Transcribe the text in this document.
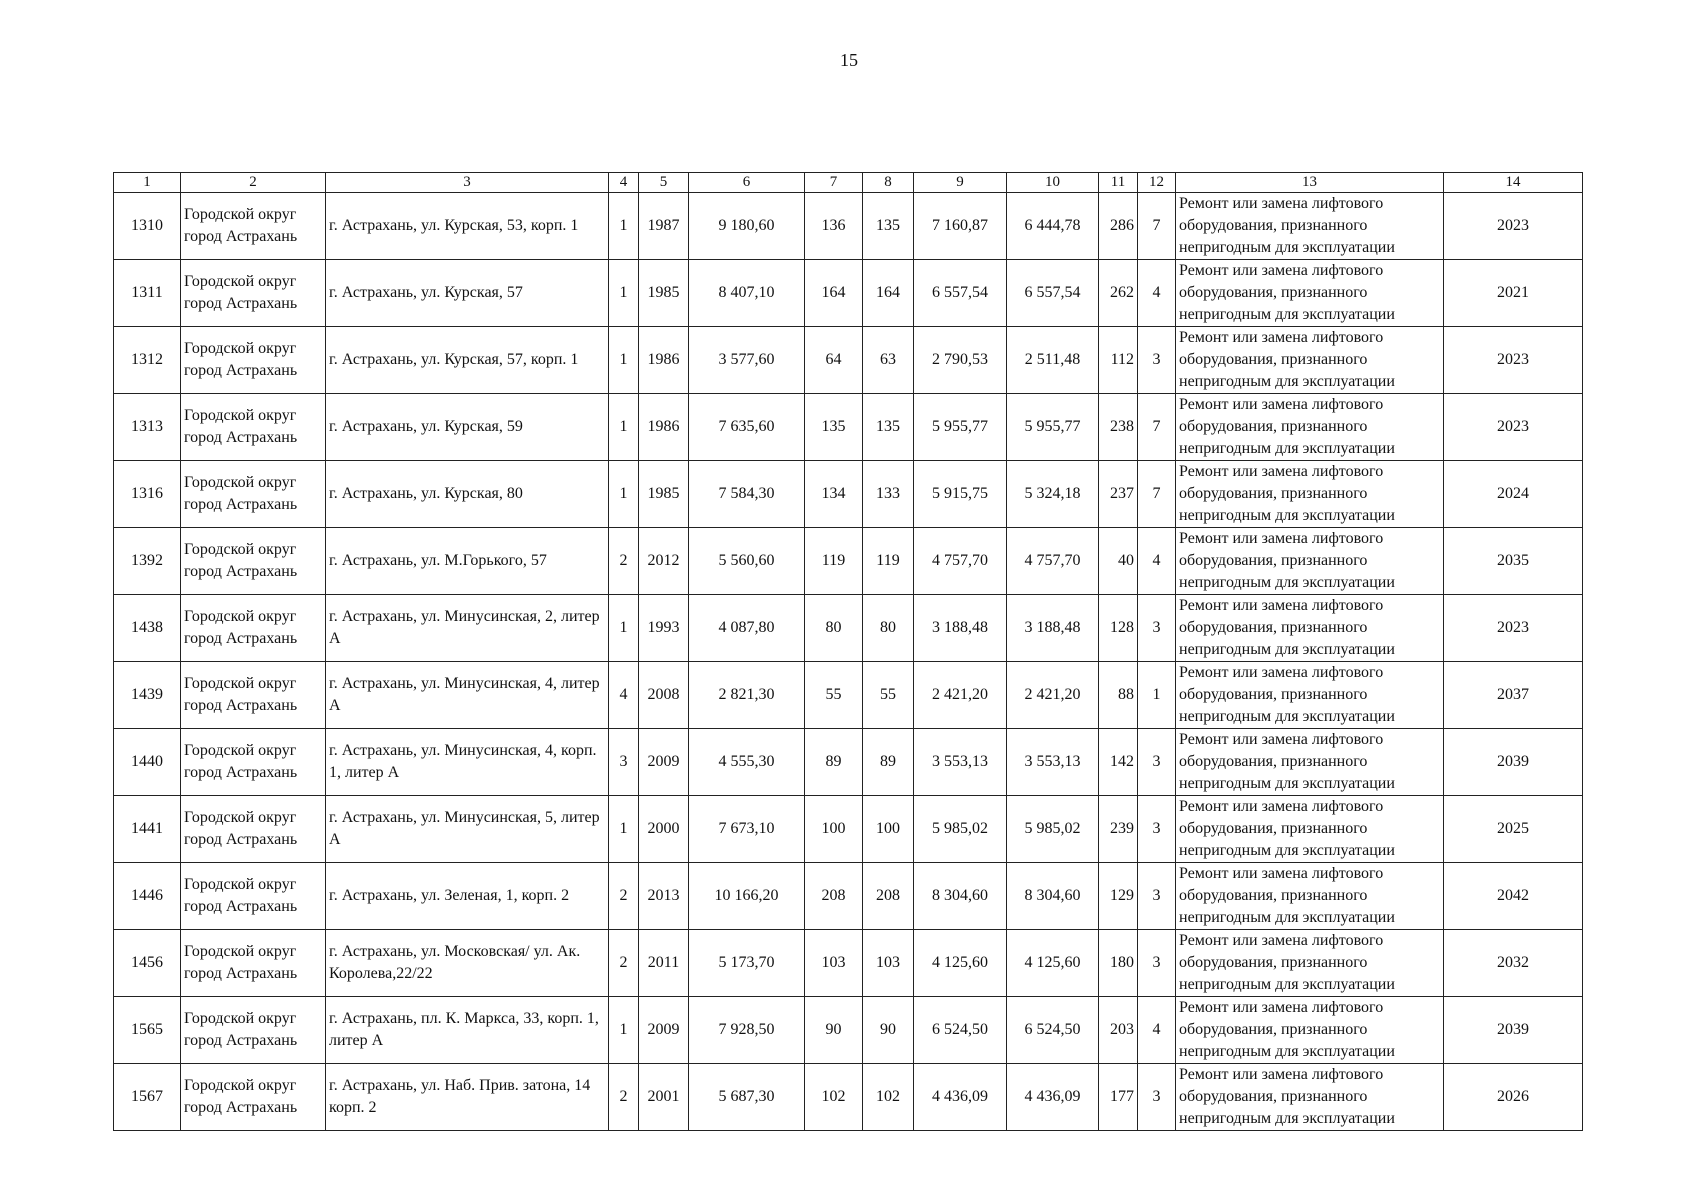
15
1	2	3	4	5	6	7	8	9	10	11	12	13	14
1310	Городской округ город Астрахань	г. Астрахань, ул. Курская, 53, корп. 1	1	1987	9 180,60	136	135	7 160,87	6 444,78	286	7	Ремонт или замена лифтового оборудования, признанного непригодным для эксплуатации	2023
1311	Городской округ город Астрахань	г. Астрахань, ул. Курская, 57	1	1985	8 407,10	164	164	6 557,54	6 557,54	262	4	Ремонт или замена лифтового оборудования, признанного непригодным для эксплуатации	2021
1312	Городской округ город Астрахань	г. Астрахань, ул. Курская, 57, корп. 1	1	1986	3 577,60	64	63	2 790,53	2 511,48	112	3	Ремонт или замена лифтового оборудования, признанного непригодным для эксплуатации	2023
1313	Городской округ город Астрахань	г. Астрахань, ул. Курская, 59	1	1986	7 635,60	135	135	5 955,77	5 955,77	238	7	Ремонт или замена лифтового оборудования, признанного непригодным для эксплуатации	2023
1316	Городской округ город Астрахань	г. Астрахань, ул. Курская, 80	1	1985	7 584,30	134	133	5 915,75	5 324,18	237	7	Ремонт или замена лифтового оборудования, признанного непригодным для эксплуатации	2024
1392	Городской округ город Астрахань	г. Астрахань, ул. М.Горького, 57	2	2012	5 560,60	119	119	4 757,70	4 757,70	40	4	Ремонт или замена лифтового оборудования, признанного непригодным для эксплуатации	2035
1438	Городской округ город Астрахань	г. Астрахань, ул. Минусинская, 2, литер А	1	1993	4 087,80	80	80	3 188,48	3 188,48	128	3	Ремонт или замена лифтового оборудования, признанного непригодным для эксплуатации	2023
1439	Городской округ город Астрахань	г. Астрахань, ул. Минусинская, 4, литер А	4	2008	2 821,30	55	55	2 421,20	2 421,20	88	1	Ремонт или замена лифтового оборудования, признанного непригодным для эксплуатации	2037
1440	Городской округ город Астрахань	г. Астрахань, ул. Минусинская, 4, корп. 1, литер А	3	2009	4 555,30	89	89	3 553,13	3 553,13	142	3	Ремонт или замена лифтового оборудования, признанного непригодным для эксплуатации	2039
1441	Городской округ город Астрахань	г. Астрахань, ул. Минусинская, 5, литер А	1	2000	7 673,10	100	100	5 985,02	5 985,02	239	3	Ремонт или замена лифтового оборудования, признанного непригодным для эксплуатации	2025
1446	Городской округ город Астрахань	г. Астрахань, ул. Зеленая, 1, корп. 2	2	2013	10 166,20	208	208	8 304,60	8 304,60	129	3	Ремонт или замена лифтового оборудования, признанного непригодным для эксплуатации	2042
1456	Городской округ город Астрахань	г. Астрахань, ул. Московская/ ул. Ак. Королева,22/22	2	2011	5 173,70	103	103	4 125,60	4 125,60	180	3	Ремонт или замена лифтового оборудования, признанного непригодным для эксплуатации	2032
1565	Городской округ город Астрахань	г. Астрахань, пл. К. Маркса, 33, корп. 1, литер А	1	2009	7 928,50	90	90	6 524,50	6 524,50	203	4	Ремонт или замена лифтового оборудования, признанного непригодным для эксплуатации	2039
1567	Городской округ город Астрахань	г. Астрахань, ул. Наб. Прив. затона, 14 корп. 2	2	2001	5 687,30	102	102	4 436,09	4 436,09	177	3	Ремонт или замена лифтового оборудования, признанного непригодным для эксплуатации	2026
